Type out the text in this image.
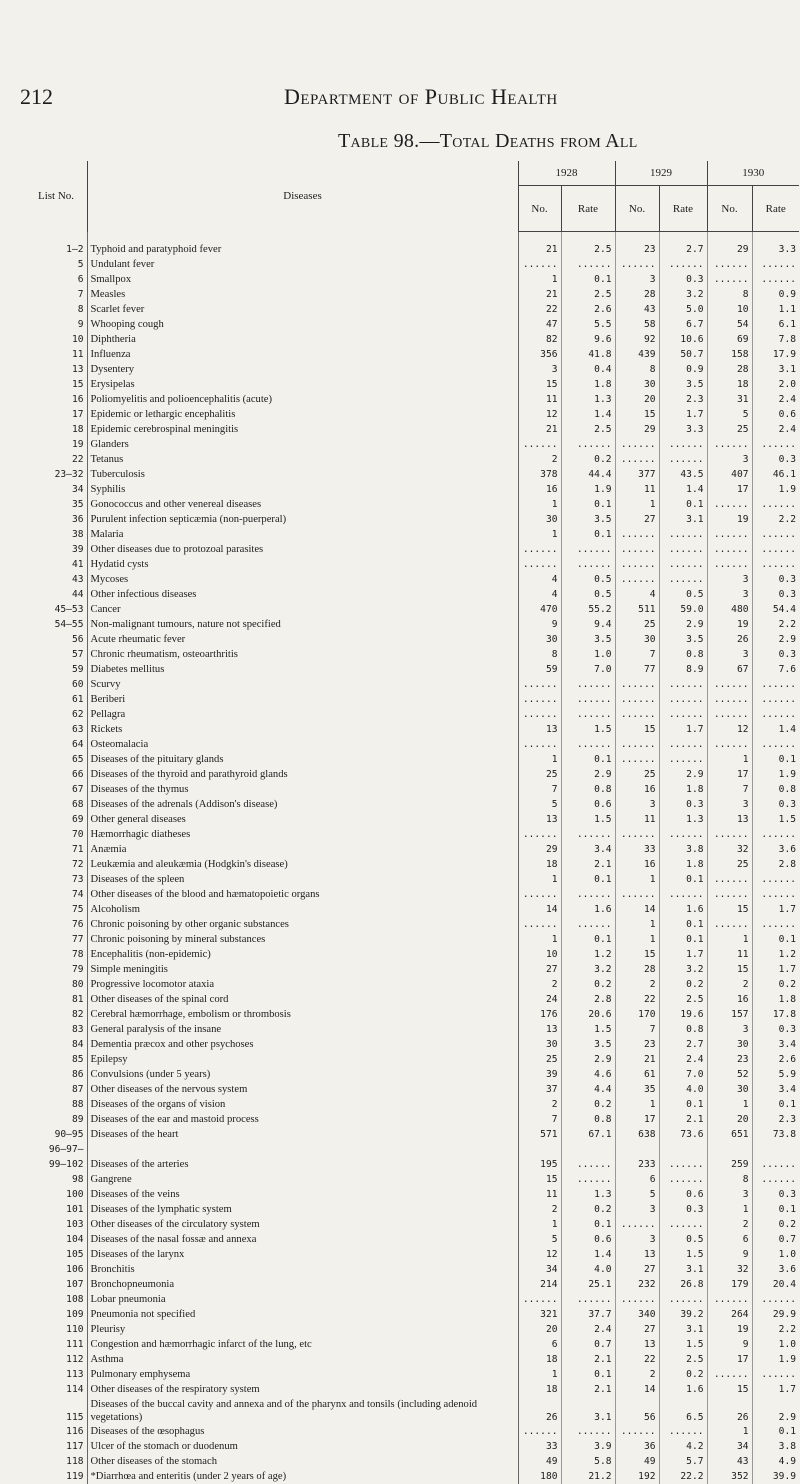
212	Department of Public Health
Table 98.—Total Deaths from All
List No.	Diseases	1928		1929		1930	
		No.	Rate	No.	Rate	No.	Rate

1–2	Typhoid and paratyphoid fever	21	2.5	23	2.7	29	3.3
5	Undulant fever	......	......	......	......	......	......
6	Smallpox	1	0.1	3	0.3	......	......
7	Measles	21	2.5	28	3.2	8	0.9
8	Scarlet fever	22	2.6	43	5.0	10	1.1
9	Whooping cough	47	5.5	58	6.7	54	6.1
10	Diphtheria	82	9.6	92	10.6	69	7.8
11	Influenza	356	41.8	439	50.7	158	17.9
13	Dysentery	3	0.4	8	0.9	28	3.1
15	Erysipelas	15	1.8	30	3.5	18	2.0
16	Poliomyelitis and polioencephalitis (acute)	11	1.3	20	2.3	31	2.4
17	Epidemic or lethargic encephalitis	12	1.4	15	1.7	5	0.6
18	Epidemic cerebrospinal meningitis	21	2.5	29	3.3	25	2.4
19	Glanders	......	......	......	......	......	......
22	Tetanus	2	0.2	......	......	3	0.3
23–32	Tuberculosis	378	44.4	377	43.5	407	46.1
34	Syphilis	16	1.9	11	1.4	17	1.9
35	Gonococcus and other venereal diseases	1	0.1	1	0.1	......	......
36	Purulent infection septicæmia (non-puerperal)	30	3.5	27	3.1	19	2.2
38	Malaria	1	0.1	......	......	......	......
39	Other diseases due to protozoal parasites	......	......	......	......	......	......
41	Hydatid cysts	......	......	......	......	......	......
43	Mycoses	4	0.5	......	......	3	0.3
44	Other infectious diseases	4	0.5	4	0.5	3	0.3
45–53	Cancer	470	55.2	511	59.0	480	54.4
54–55	Non-malignant tumours, nature not specified	9	9.4	25	2.9	19	2.2
56	Acute rheumatic fever	30	3.5	30	3.5	26	2.9
57	Chronic rheumatism, osteoarthritis	8	1.0	7	0.8	3	0.3
59	Diabetes mellitus	59	7.0	77	8.9	67	7.6
60	Scurvy	......	......	......	......	......	......
61	Beriberi	......	......	......	......	......	......
62	Pellagra	......	......	......	......	......	......
63	Rickets	13	1.5	15	1.7	12	1.4
64	Osteomalacia	......	......	......	......	......	......
65	Diseases of the pituitary glands	1	0.1	......	......	1	0.1
66	Diseases of the thyroid and parathyroid glands	25	2.9	25	2.9	17	1.9
67	Diseases of the thymus	7	0.8	16	1.8	7	0.8
68	Diseases of the adrenals (Addison's disease)	5	0.6	3	0.3	3	0.3
69	Other general diseases	13	1.5	11	1.3	13	1.5
70	Hæmorrhagic diatheses	......	......	......	......	......	......
71	Anæmia	29	3.4	33	3.8	32	3.6
72	Leukæmia and aleukæmia (Hodgkin's disease)	18	2.1	16	1.8	25	2.8
73	Diseases of the spleen	1	0.1	1	0.1	......	......
74	Other diseases of the blood and hæmatopoietic organs	......	......	......	......	......	......
75	Alcoholism	14	1.6	14	1.6	15	1.7
76	Chronic poisoning by other organic substances	......	......	1	0.1	......	......
77	Chronic poisoning by mineral substances	1	0.1	1	0.1	1	0.1
78	Encephalitis (non-epidemic)	10	1.2	15	1.7	11	1.2
79	Simple meningitis	27	3.2	28	3.2	15	1.7
80	Progressive locomotor ataxia	2	0.2	2	0.2	2	0.2
81	Other diseases of the spinal cord	24	2.8	22	2.5	16	1.8
82	Cerebral hæmorrhage, embolism or thrombosis	176	20.6	170	19.6	157	17.8
83	General paralysis of the insane	13	1.5	7	0.8	3	0.3
84	Dementia præcox and other psychoses	30	3.5	23	2.7	30	3.4
85	Epilepsy	25	2.9	21	2.4	23	2.6
86	Convulsions (under 5 years)	39	4.6	61	7.0	52	5.9
87	Other diseases of the nervous system	37	4.4	35	4.0	30	3.4
88	Diseases of the organs of vision	2	0.2	1	0.1	1	0.1
89	Diseases of the ear and mastoid process	7	0.8	17	2.1	20	2.3
90–95	Diseases of the heart	571	67.1	638	73.6	651	73.8
96–97–							
99–102	Diseases of the arteries	195	......	233	......	259	......
98	Gangrene	15	......	6	......	8	......
100	Diseases of the veins	11	1.3	5	0.6	3	0.3
101	Diseases of the lymphatic system	2	0.2	3	0.3	1	0.1
103	Other diseases of the circulatory system	1	0.1	......	......	2	0.2
104	Diseases of the nasal fossæ and annexa	5	0.6	3	0.5	6	0.7
105	Diseases of the larynx	12	1.4	13	1.5	9	1.0
106	Bronchitis	34	4.0	27	3.1	32	3.6
107	Bronchopneumonia	214	25.1	232	26.8	179	20.4
108	Lobar pneumonia	......	......	......	......	......	......
109	Pneumonia not specified	321	37.7	340	39.2	264	29.9
110	Pleurisy	20	2.4	27	3.1	19	2.2
111	Congestion and hæmorrhagic infarct of the lung, etc	6	0.7	13	1.5	9	1.0
112	Asthma	18	2.1	22	2.5	17	1.9
113	Pulmonary emphysema	1	0.1	2	0.2	......	......
114	Other diseases of the respiratory system	18	2.1	14	1.6	15	1.7
115	Diseases of the buccal cavity and annexa and of the pharynx and tonsils (including adenoid vegetations)	26	3.1	56	6.5	26	2.9
116	Diseases of the œsophagus	......	......	......	......	1	0.1
117	Ulcer of the stomach or duodenum	33	3.9	36	4.2	34	3.8
118	Other diseases of the stomach	49	5.8	49	5.7	43	4.9
119	*Diarrhœa and enteritis (under 2 years of age)	180	21.2	192	22.2	352	39.9
